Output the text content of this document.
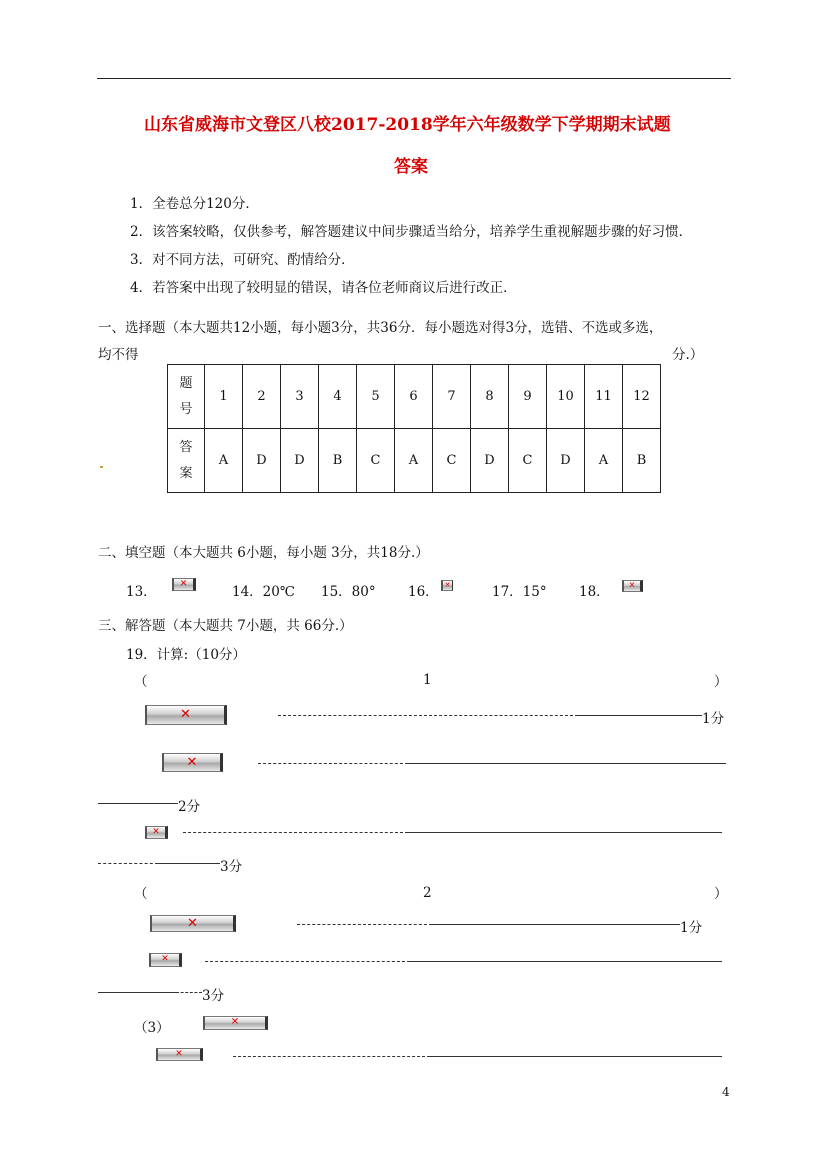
山东省威海市文登区八校2017-2018学年六年级数学下学期期末试题
答案
1．全卷总分120分．
2．该答案较略，仅供参考，解答题建议中间步骤适当给分，培养学生重视解题步骤的好习惯．
3．对不同方法，可研究、酌情给分．
4．若答案中出现了较明显的错误，请各位老师商议后进行改正．
一、选择题（本大题共12小题，每小题3分，共36分．每小题选对得3分，选错、不选或多选，
均不得	分.）
题
号	1	2	3	4	5	6	7	8	9	10	11	12
答
案	A	D	D	B	C	A	C	D	C	D	A	B
二、填空题（本大题共 6小题，每小题 3分，共18分.）
13．
✕
14．20℃ 15．80° 16． ✕	17．15° 18． ✕
三、解答题（本大题共 7小题，共 66分.）
19．计算:（10分）
（	1	）
✕	1分
✕
2分
✕
3分
（	2	）
✕	1分
✕
3分
（3）	✕
✕
4
